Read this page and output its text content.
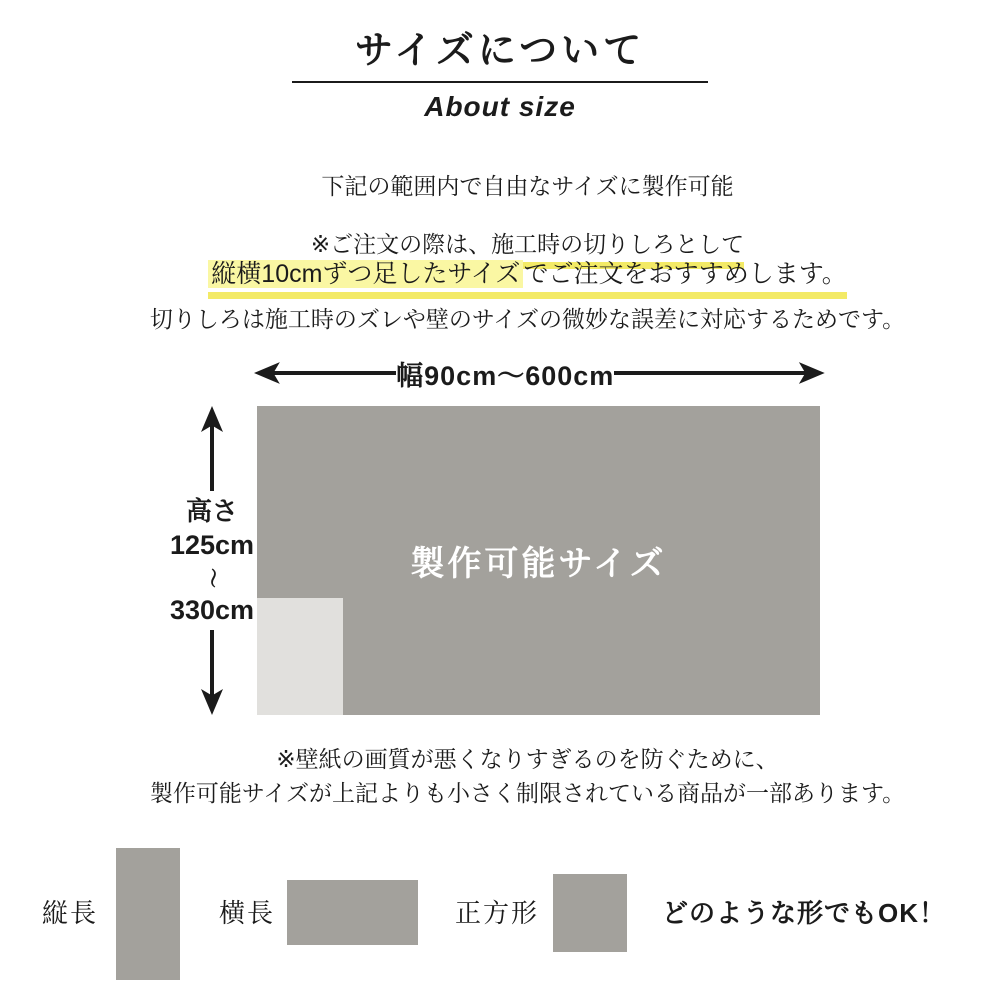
サイズについて
About size

下記の範囲内で自由なサイズに製作可能

※ご注文の際は、施工時の切りしろとして

縦横10cmずつ足したサイズ でご注文をおすすめします。

切りしろは施工時のズレや壁のサイズの微妙な誤差に対応するためです。

幅90cm〜600cm
高さ
125cm
〜
330cm
製作可能サイズ

※壁紙の画質が悪くなりすぎるのを防ぐために、

製作可能サイズが上記よりも小さく制限されている商品が一部あります。

縦長	横長	正方形	どのような形でもOK！
